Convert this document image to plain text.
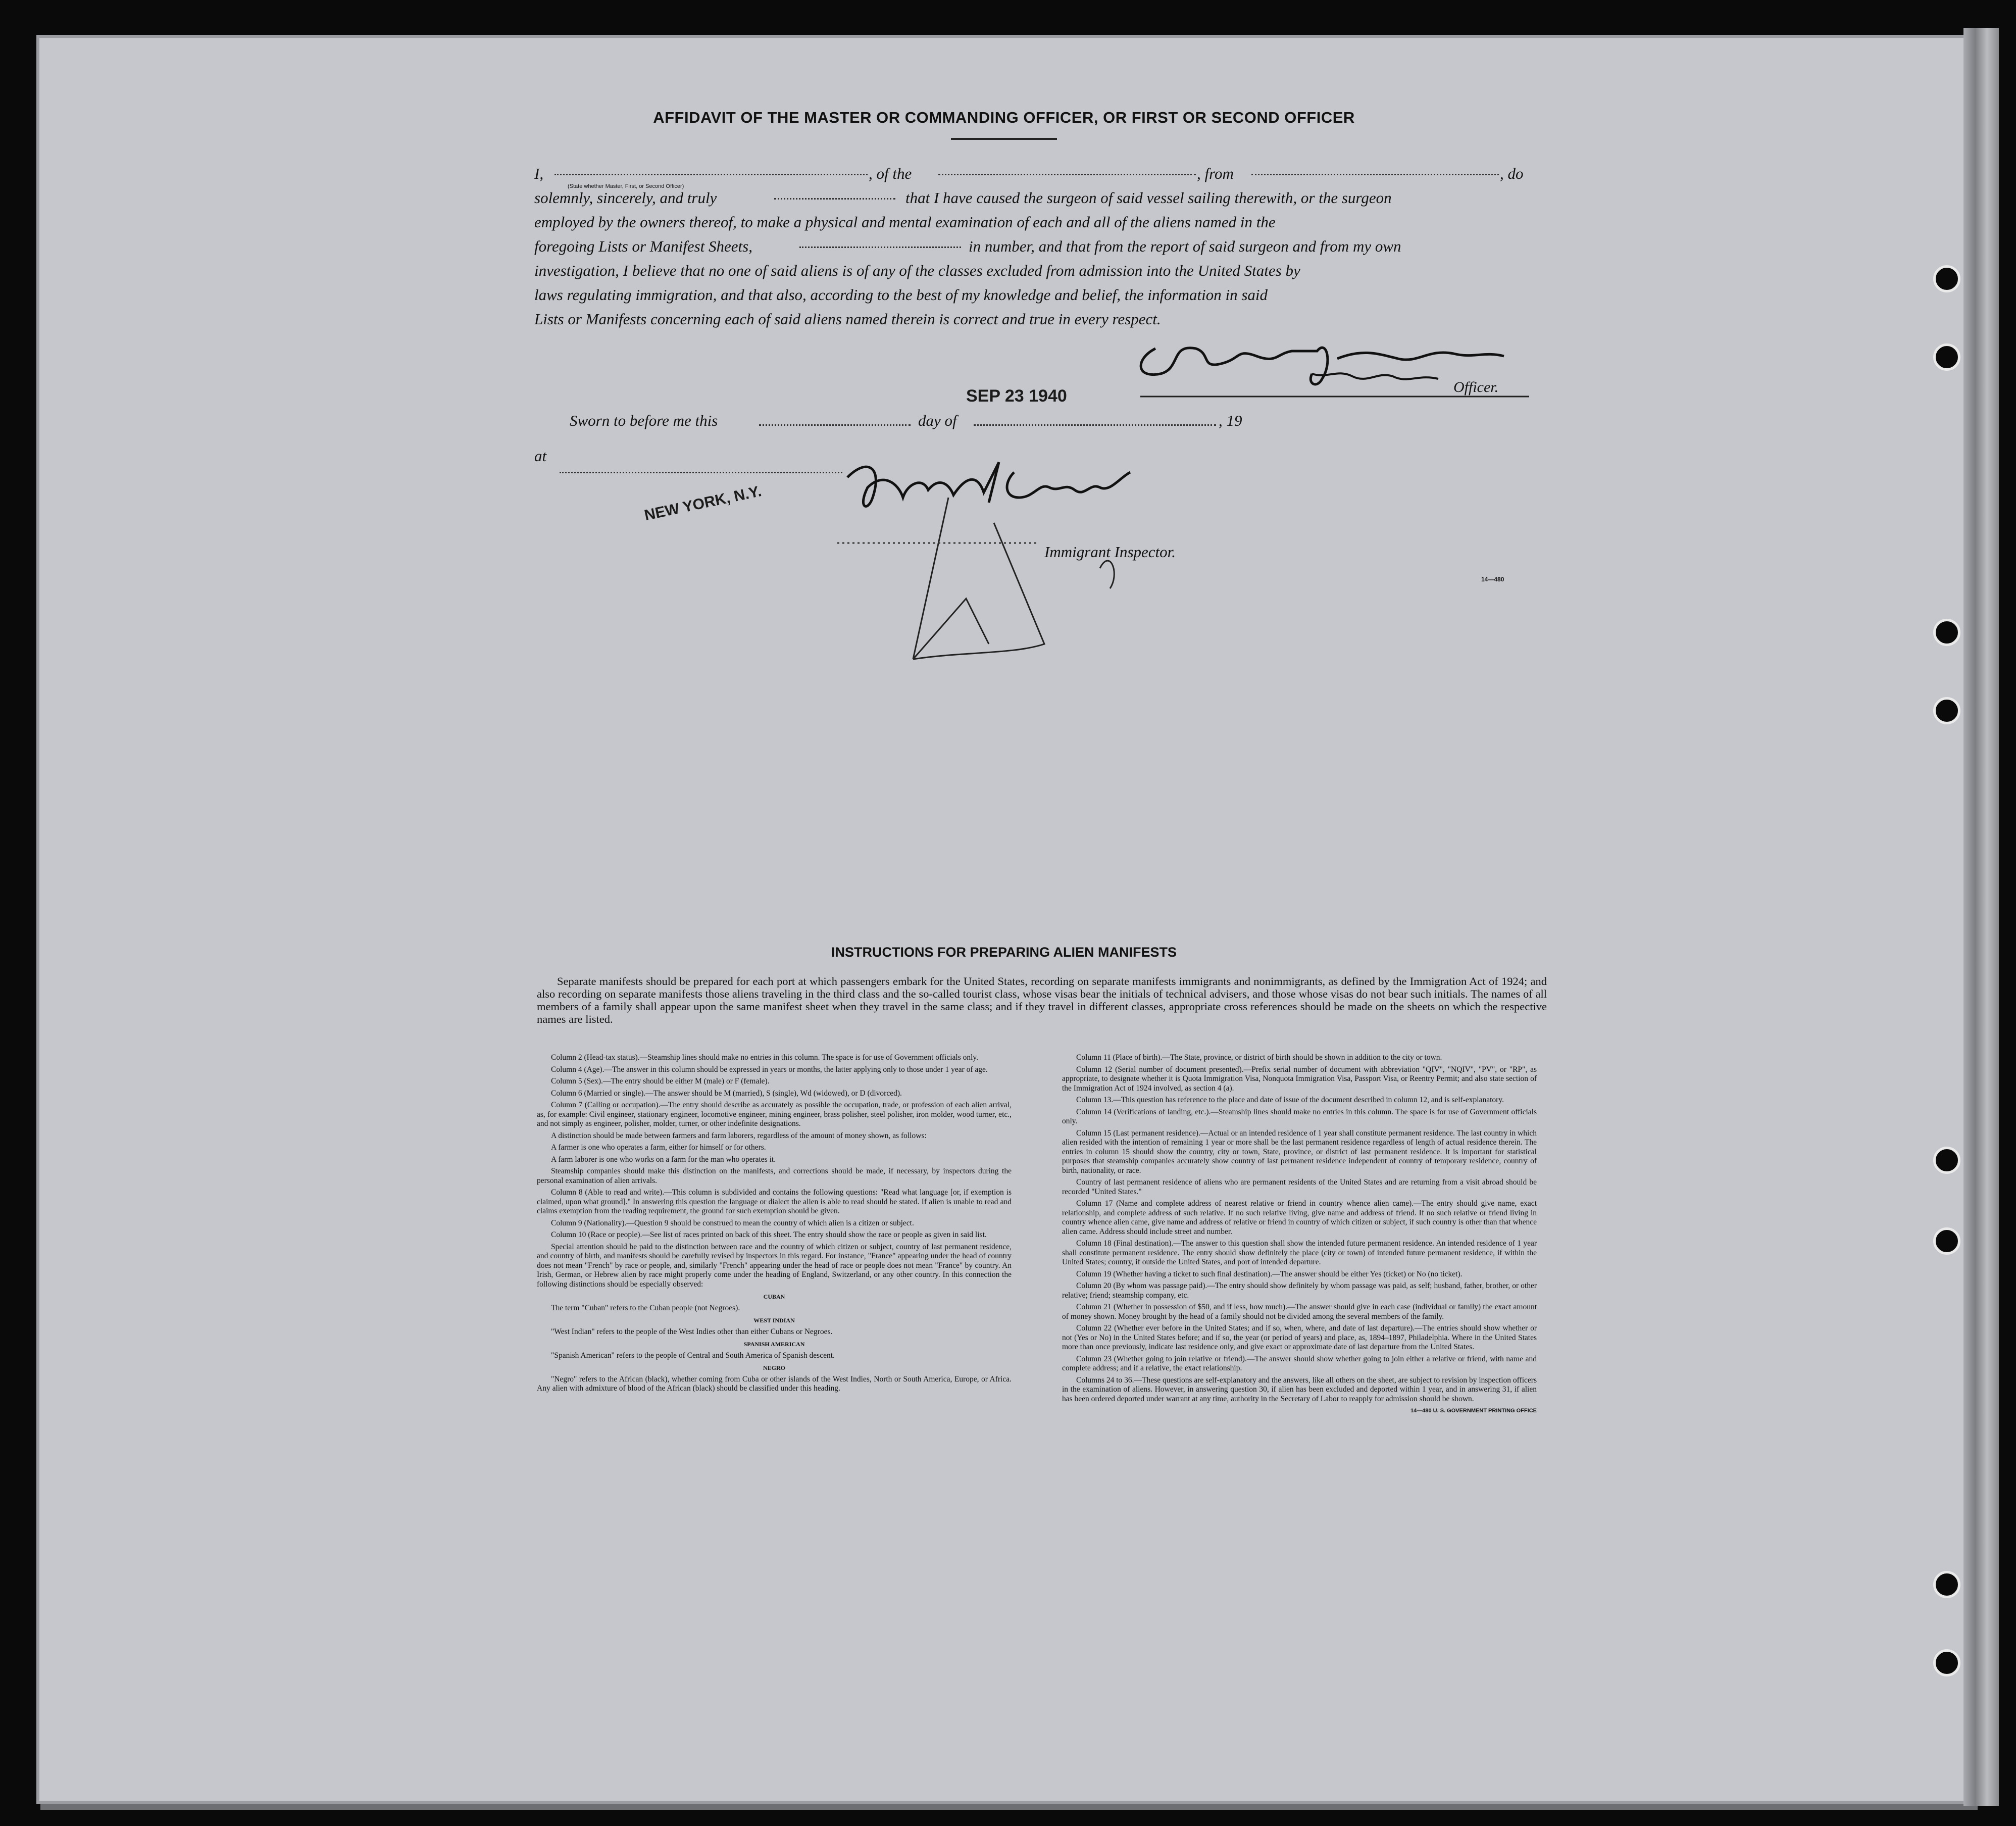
AFFIDAVIT OF THE MASTER OR COMMANDING OFFICER, OR FIRST OR SECOND OFFICER
I,	, of the	, from	, do
solemnly, sincerely, and truly	that I have caused the surgeon of said vessel sailing therewith, or the surgeon
employed by the owners thereof, to make a physical and mental examination of each and all of the aliens named in the
foregoing Lists or Manifest Sheets,	in number, and that from the report of said surgeon and from my own
investigation, I believe that no one of said aliens is of any of the classes excluded from admission into the United States by
laws regulating immigration, and that also, according to the best of my knowledge and belief, the information in said
Lists or Manifests concerning each of said aliens named therein is correct and true in every respect.
(State whether Master, First, or Second Officer)
Officer.
Sworn to before me this	day of	, 19
SEP 23 1940
at
NEW YORK, N.Y.
Immigrant Inspector.
14—480
INSTRUCTIONS FOR PREPARING ALIEN MANIFESTS
Separate manifests should be prepared for each port at which passengers embark for the United States, recording on separate manifests immigrants and nonimmigrants, as defined by the Immigration Act of 1924; and also recording on separate manifests those aliens traveling in the third class and the so-called tourist class, whose visas bear the initials of technical advisers, and those whose visas do not bear such initials. The names of all members of a family shall appear upon the same manifest sheet when they travel in the same class; and if they travel in different classes, appropriate cross references should be made on the sheets on which the respective names are listed.

Column 2 (Head-tax status).—Steamship lines should make no entries in this column. The space is for use of Government officials only.

Column 4 (Age).—The answer in this column should be expressed in years or months, the latter applying only to those under 1 year of age.

Column 5 (Sex).—The entry should be either M (male) or F (female).

Column 6 (Married or single).—The answer should be M (married), S (single), Wd (widowed), or D (divorced).

Column 7 (Calling or occupation).—The entry should describe as accurately as possible the occupation, trade, or profession of each alien arrival, as, for example: Civil engineer, stationary engineer, locomotive engineer, mining engineer, brass polisher, steel polisher, iron molder, wood turner, etc., and not simply as engineer, polisher, molder, turner, or other indefinite designations.

A distinction should be made between farmers and farm laborers, regardless of the amount of money shown, as follows:

A farmer is one who operates a farm, either for himself or for others.

A farm laborer is one who works on a farm for the man who operates it.

Steamship companies should make this distinction on the manifests, and corrections should be made, if necessary, by inspectors during the personal examination of alien arrivals.

Column 8 (Able to read and write).—This column is subdivided and contains the following questions: "Read what language [or, if exemption is claimed, upon what ground]." In answering this question the language or dialect the alien is able to read should be stated. If alien is unable to read and claims exemption from the reading requirement, the ground for such exemption should be given.

Column 9 (Nationality).—Question 9 should be construed to mean the country of which alien is a citizen or subject.

Column 10 (Race or people).—See list of races printed on back of this sheet. The entry should show the race or people as given in said list.

Special attention should be paid to the distinction between race and the country of which citizen or subject, country of last permanent residence, and country of birth, and manifests should be carefully revised by inspectors in this regard. For instance, "France" appearing under the head of country does not mean "French" by race or people, and, similarly "French" appearing under the head of race or people does not mean "France" by country. An Irish, German, or Hebrew alien by race might properly come under the heading of England, Switzerland, or any other country. In this connection the following distinctions should be especially observed:

CUBAN

The term "Cuban" refers to the Cuban people (not Negroes).

WEST INDIAN

"West Indian" refers to the people of the West Indies other than either Cubans or Negroes.

SPANISH AMERICAN

"Spanish American" refers to the people of Central and South America of Spanish descent.

NEGRO

"Negro" refers to the African (black), whether coming from Cuba or other islands of the West Indies, North or South America, Europe, or Africa. Any alien with admixture of blood of the African (black) should be classified under this heading.

Column 11 (Place of birth).—The State, province, or district of birth should be shown in addition to the city or town.

Column 12 (Serial number of document presented).—Prefix serial number of document with abbreviation "QIV", "NQIV", "PV", or "RP", as appropriate, to designate whether it is Quota Immigration Visa, Nonquota Immigration Visa, Passport Visa, or Reentry Permit; and also state section of the Immigration Act of 1924 involved, as section 4 (a).

Column 13.—This question has reference to the place and date of issue of the document described in column 12, and is self-explanatory.

Column 14 (Verifications of landing, etc.).—Steamship lines should make no entries in this column. The space is for use of Government officials only.

Column 15 (Last permanent residence).—Actual or an intended residence of 1 year shall constitute permanent residence. The last country in which alien resided with the intention of remaining 1 year or more shall be the last permanent residence regardless of length of actual residence therein. The entries in column 15 should show the country, city or town, State, province, or district of last permanent residence. It is important for statistical purposes that steamship companies accurately show country of last permanent residence independent of country of temporary residence, country of birth, nationality, or race.

Country of last permanent residence of aliens who are permanent residents of the United States and are returning from a visit abroad should be recorded "United States."

Column 17 (Name and complete address of nearest relative or friend in country whence alien came).—The entry should give name, exact relationship, and complete address of such relative. If no such relative living, give name and address of friend. If no such relative or friend living in country whence alien came, give name and address of relative or friend in country of which citizen or subject, if such country is other than that whence alien came. Address should include street and number.

Column 18 (Final destination).—The answer to this question shall show the intended future permanent residence. An intended residence of 1 year shall constitute permanent residence. The entry should show definitely the place (city or town) of intended future permanent residence, if within the United States; country, if outside the United States, and port of intended departure.

Column 19 (Whether having a ticket to such final destination).—The answer should be either Yes (ticket) or No (no ticket).

Column 20 (By whom was passage paid).—The entry should show definitely by whom passage was paid, as self; husband, father, brother, or other relative; friend; steamship company, etc.

Column 21 (Whether in possession of $50, and if less, how much).—The answer should give in each case (individual or family) the exact amount of money shown. Money brought by the head of a family should not be divided among the several members of the family.

Column 22 (Whether ever before in the United States; and if so, when, where, and date of last departure).—The entries should show whether or not (Yes or No) in the United States before; and if so, the year (or period of years) and place, as, 1894–1897, Philadelphia. Where in the United States more than once previously, indicate last residence only, and give exact or approximate date of last departure from the United States.

Column 23 (Whether going to join relative or friend).—The answer should show whether going to join either a relative or friend, with name and complete address; and if a relative, the exact relationship.

Columns 24 to 36.—These questions are self-explanatory and the answers, like all others on the sheet, are subject to revision by inspection officers in the examination of aliens. However, in answering question 30, if alien has been excluded and deported within 1 year, and in answering 31, if alien has been ordered deported under warrant at any time, authority in the Secretary of Labor to reapply for admission should be shown.

14—480 U. S. GOVERNMENT PRINTING OFFICE
